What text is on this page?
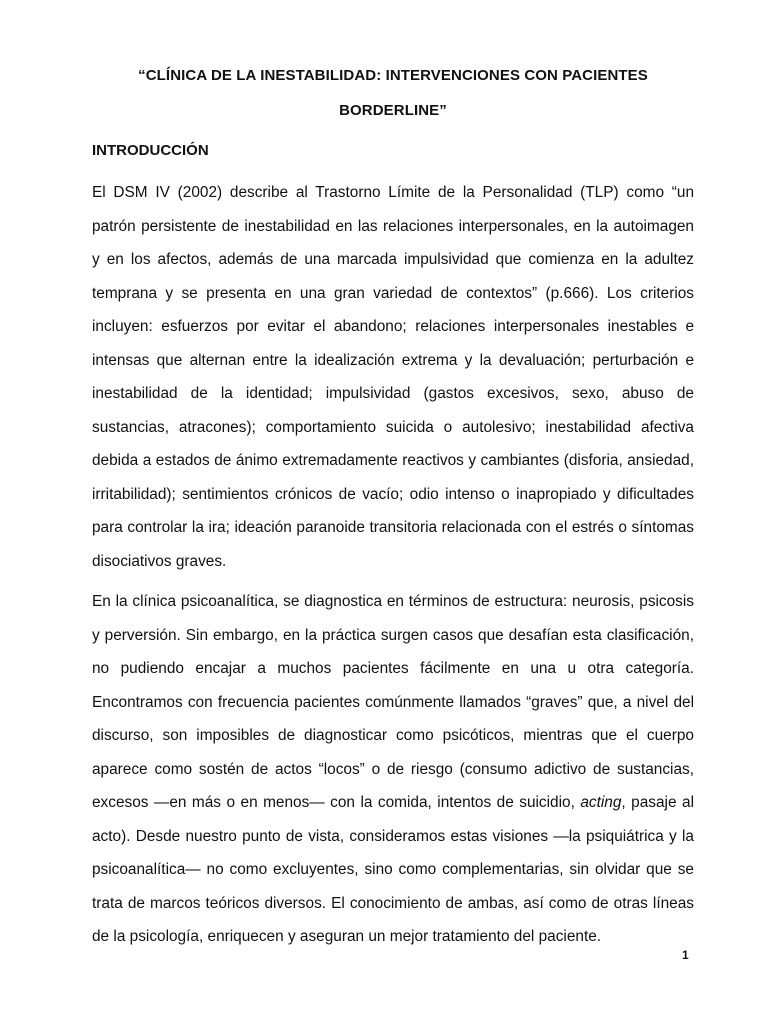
“CLÍNICA DE LA INESTABILIDAD: INTERVENCIONES CON PACIENTES
BORDERLINE”
INTRODUCCIÓN

El DSM IV (2002) describe al Trastorno Límite de la Personalidad (TLP) como “un patrón persistente de inestabilidad en las relaciones interpersonales, en la autoimagen y en los afectos, además de una marcada impulsividad que comienza en la adultez temprana y se presenta en una gran variedad de contextos” (p.666). Los criterios incluyen: esfuerzos por evitar el abandono; relaciones interpersonales inestables e intensas que alternan entre la idealización extrema y la devaluación; perturbación e inestabilidad de la identidad; impulsividad (gastos excesivos, sexo, abuso de sustancias, atracones); comportamiento suicida o autolesivo; inestabilidad afectiva debida a estados de ánimo extremadamente reactivos y cambiantes (disforia, ansiedad, irritabilidad); sentimientos crónicos de vacío; odio intenso o inapropiado y dificultades para controlar la ira; ideación paranoide transitoria relacionada con el estrés o síntomas disociativos graves.

En la clínica psicoanalítica, se diagnostica en términos de estructura: neurosis, psicosis y perversión. Sin embargo, en la práctica surgen casos que desafían esta clasificación, no pudiendo encajar a muchos pacientes fácilmente en una u otra categoría. Encontramos con frecuencia pacientes comúnmente llamados “graves” que, a nivel del discurso, son imposibles de diagnosticar como psicóticos, mientras que el cuerpo aparece como sostén de actos “locos” o de riesgo (consumo adictivo de sustancias, excesos —en más o en menos— con la comida, intentos de suicidio, acting, pasaje al acto). Desde nuestro punto de vista, consideramos estas visiones —la psiquiátrica y la psicoanalítica— no como excluyentes, sino como complementarias, sin olvidar que se trata de marcos teóricos diversos. El conocimiento de ambas, así como de otras líneas de la psicología, enriquecen y aseguran un mejor tratamiento del paciente.

1
